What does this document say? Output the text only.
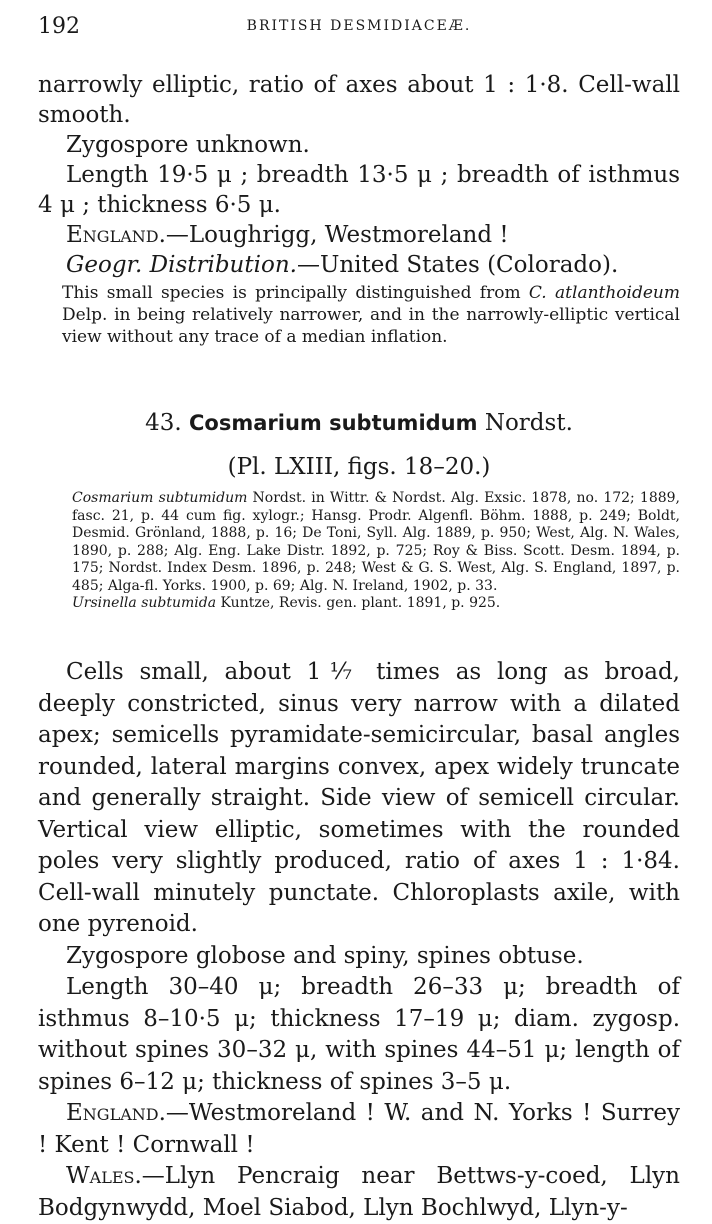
192	BRITISH DESMIDIACEÆ.

narrowly elliptic, ratio of axes about 1 : 1·8. Cell-wall smooth.

Zygospore unknown.

Length 19·5 μ ; breadth 13·5 μ ; breadth of isthmus 4 μ ; thickness 6·5 μ.

England.—Loughrigg, Westmoreland !

Geogr. Distribution.—United States (Colorado).

This small species is principally distinguished from C. atlanthoideum Delp. in being relatively narrower, and in the narrowly-elliptic vertical view without any trace of a median inflation.

43. Cosmarium subtumidum Nordst.
(Pl. LXIII, figs. 18–20.)

Cosmarium subtumidum Nordst. in Wittr. & Nordst. Alg. Exsic. 1878, no. 172; 1889, fasc. 21, p. 44 cum fig. xylogr.; Hansg. Prodr. Algenfl. Böhm. 1888, p. 249; Boldt, Desmid. Grönland, 1888, p. 16; De Toni, Syll. Alg. 1889, p. 950; West, Alg. N. Wales, 1890, p. 288; Alg. Eng. Lake Distr. 1892, p. 725; Roy & Biss. Scott. Desm. 1894, p. 175; Nordst. Index Desm. 1896, p. 248; West & G. S. West, Alg. S. England, 1897, p. 485; Alga-fl. Yorks. 1900, p. 69; Alg. N. Ireland, 1902, p. 33.

Ursinella subtumida Kuntze, Revis. gen. plant. 1891, p. 925.

Cells small, about 1⅐ times as long as broad, deeply constricted, sinus very narrow with a dilated apex; semicells pyramidate-semicircular, basal angles rounded, lateral margins convex, apex widely truncate and generally straight. Side view of semicell circular. Vertical view elliptic, sometimes with the rounded poles very slightly produced, ratio of axes 1 : 1·84. Cell-wall minutely punctate. Chloroplasts axile, with one pyrenoid.

Zygospore globose and spiny, spines obtuse.

Length 30–40 μ; breadth 26–33 μ; breadth of isthmus 8–10·5 μ; thickness 17–19 μ; diam. zygosp. without spines 30–32 μ, with spines 44–51 μ; length of spines 6–12 μ; thickness of spines 3–5 μ.

England.—Westmoreland ! W. and N. Yorks ! Surrey ! Kent ! Cornwall !

Wales.—Llyn Pencraig near Bettws-y-coed, Llyn Bodgynwydd, Moel Siabod, Llyn Bochlwyd, Llyn-y-
